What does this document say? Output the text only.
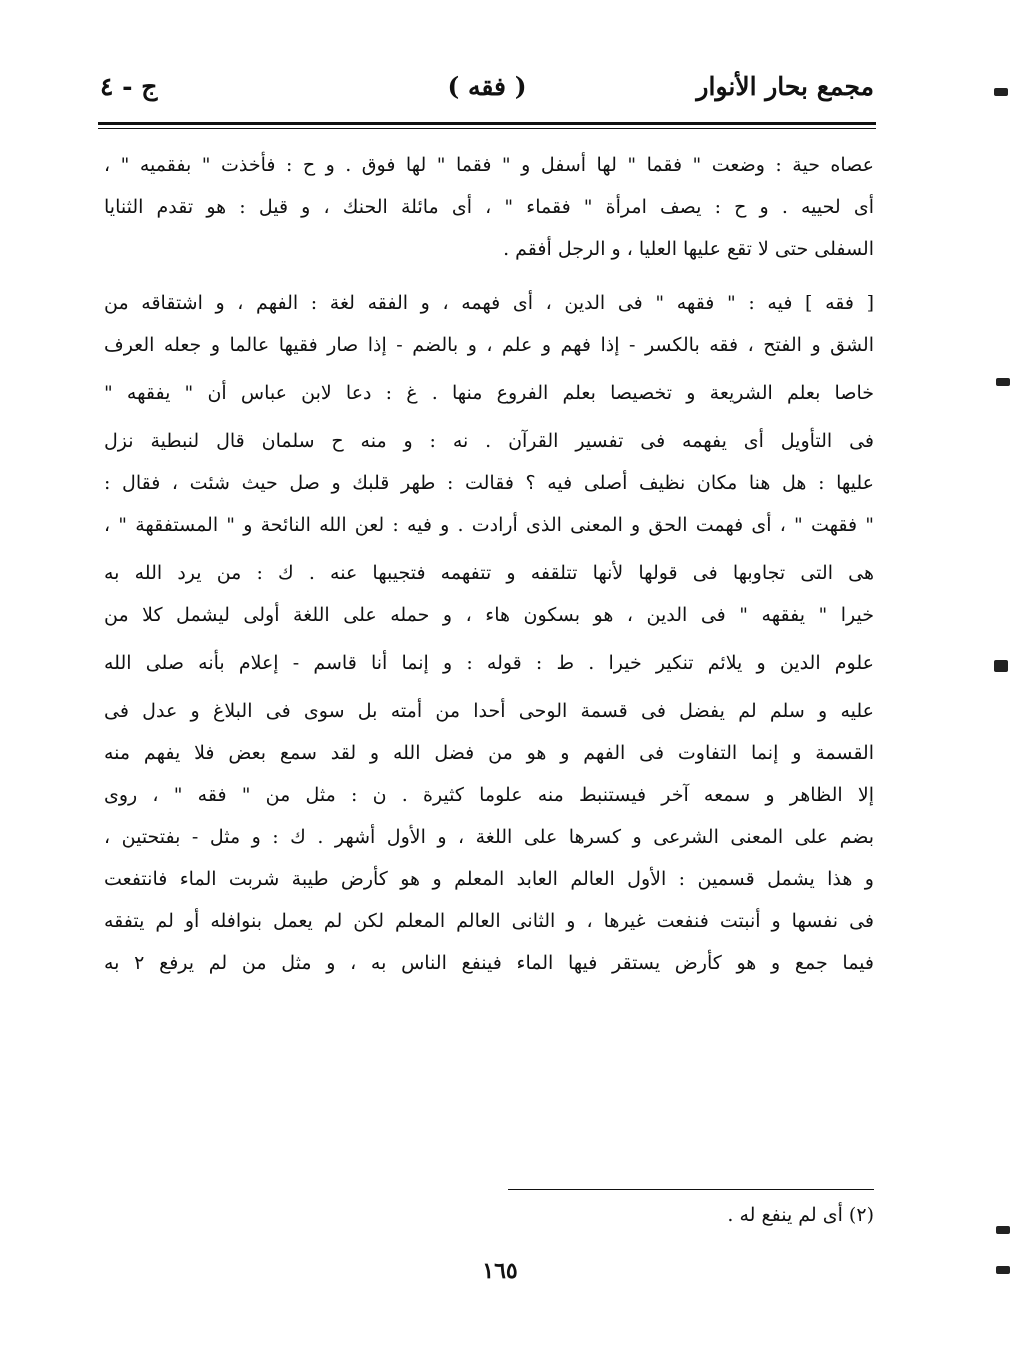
مجمع بحار الأنوار
( فقه )
ج - ٤
عصاه حية : وضعت " فقما " لها أسفل و " فقما " لها فوق . و ح : فأخذت " بفقميه " ،
أى لحييه . و ح : يصف امرأة " فقماء " ، أى مائلة الحنك ، و قيل : هو تقدم الثنايا
السفلى حتى لا تقع عليها العليا ، و الرجل أفقم .
[ فقه ] فيه : " فقهه " فى الدين ، أى فهمه ، و الفقه لغة : الفهم ، و اشتقاقه من
الشق و الفتح ، فقه بالكسر - إذا فهم و علم ، و بالضم - إذا صار فقيها عالما و جعله العرف
خاصا بعلم الشريعة و تخصيصا بعلم الفروع منها . غ : دعا لابن عباس أن " يفقهه "
فى التأويل أى يفهمه فى تفسير القرآن . نه : و منه ح سلمان قال لنبطية نزل
عليها : هل هنا مكان نظيف أصلى فيه ؟ فقالت : طهر قلبك و صل حيث شئت ، فقال :
" فقهت " ، أى فهمت الحق و المعنى الذى أرادت . و فيه : لعن الله النائحة و " المستفقهة " ،
هى التى تجاوبها فى قولها لأنها تتلقفه و تتفهمه فتجيبها عنه . ك : من يرد الله به
خيرا " يفقهه " فى الدين ، هو بسكون هاء ، و حمله على اللغة أولى ليشمل كلا من
علوم الدين و يلائم تنكير خيرا . ط : قوله : و إنما أنا قاسم - إعلام بأنه صلى الله
عليه و سلم لم يفضل فى قسمة الوحى أحدا من أمته بل سوى فى البلاغ و عدل فى
القسمة و إنما التفاوت فى الفهم و هو من فضل الله و لقد سمع بعض فلا يفهم منه
إلا الظاهر و سمعه آخر فيستنبط منه علوما كثيرة . ن : مثل من " فقه " ، روى
بضم على المعنى الشرعى و كسرها على اللغة ، و الأول أشهر . ك : و مثل - بفتحتين ،
و هذا يشمل قسمين : الأول العالم العابد المعلم و هو كأرض طيبة شربت الماء فانتفعت
فى نفسها و أنبتت فنفعت غيرها ، و الثانى العالم المعلم لكن لم يعمل بنوافله أو لم يتفقه
فيما جمع و هو كأرض يستقر فيها الماء فينفع الناس به ، و مثل من لم يرفع ٢ به
(٢) أى لم ينفع له .
١٦٥
